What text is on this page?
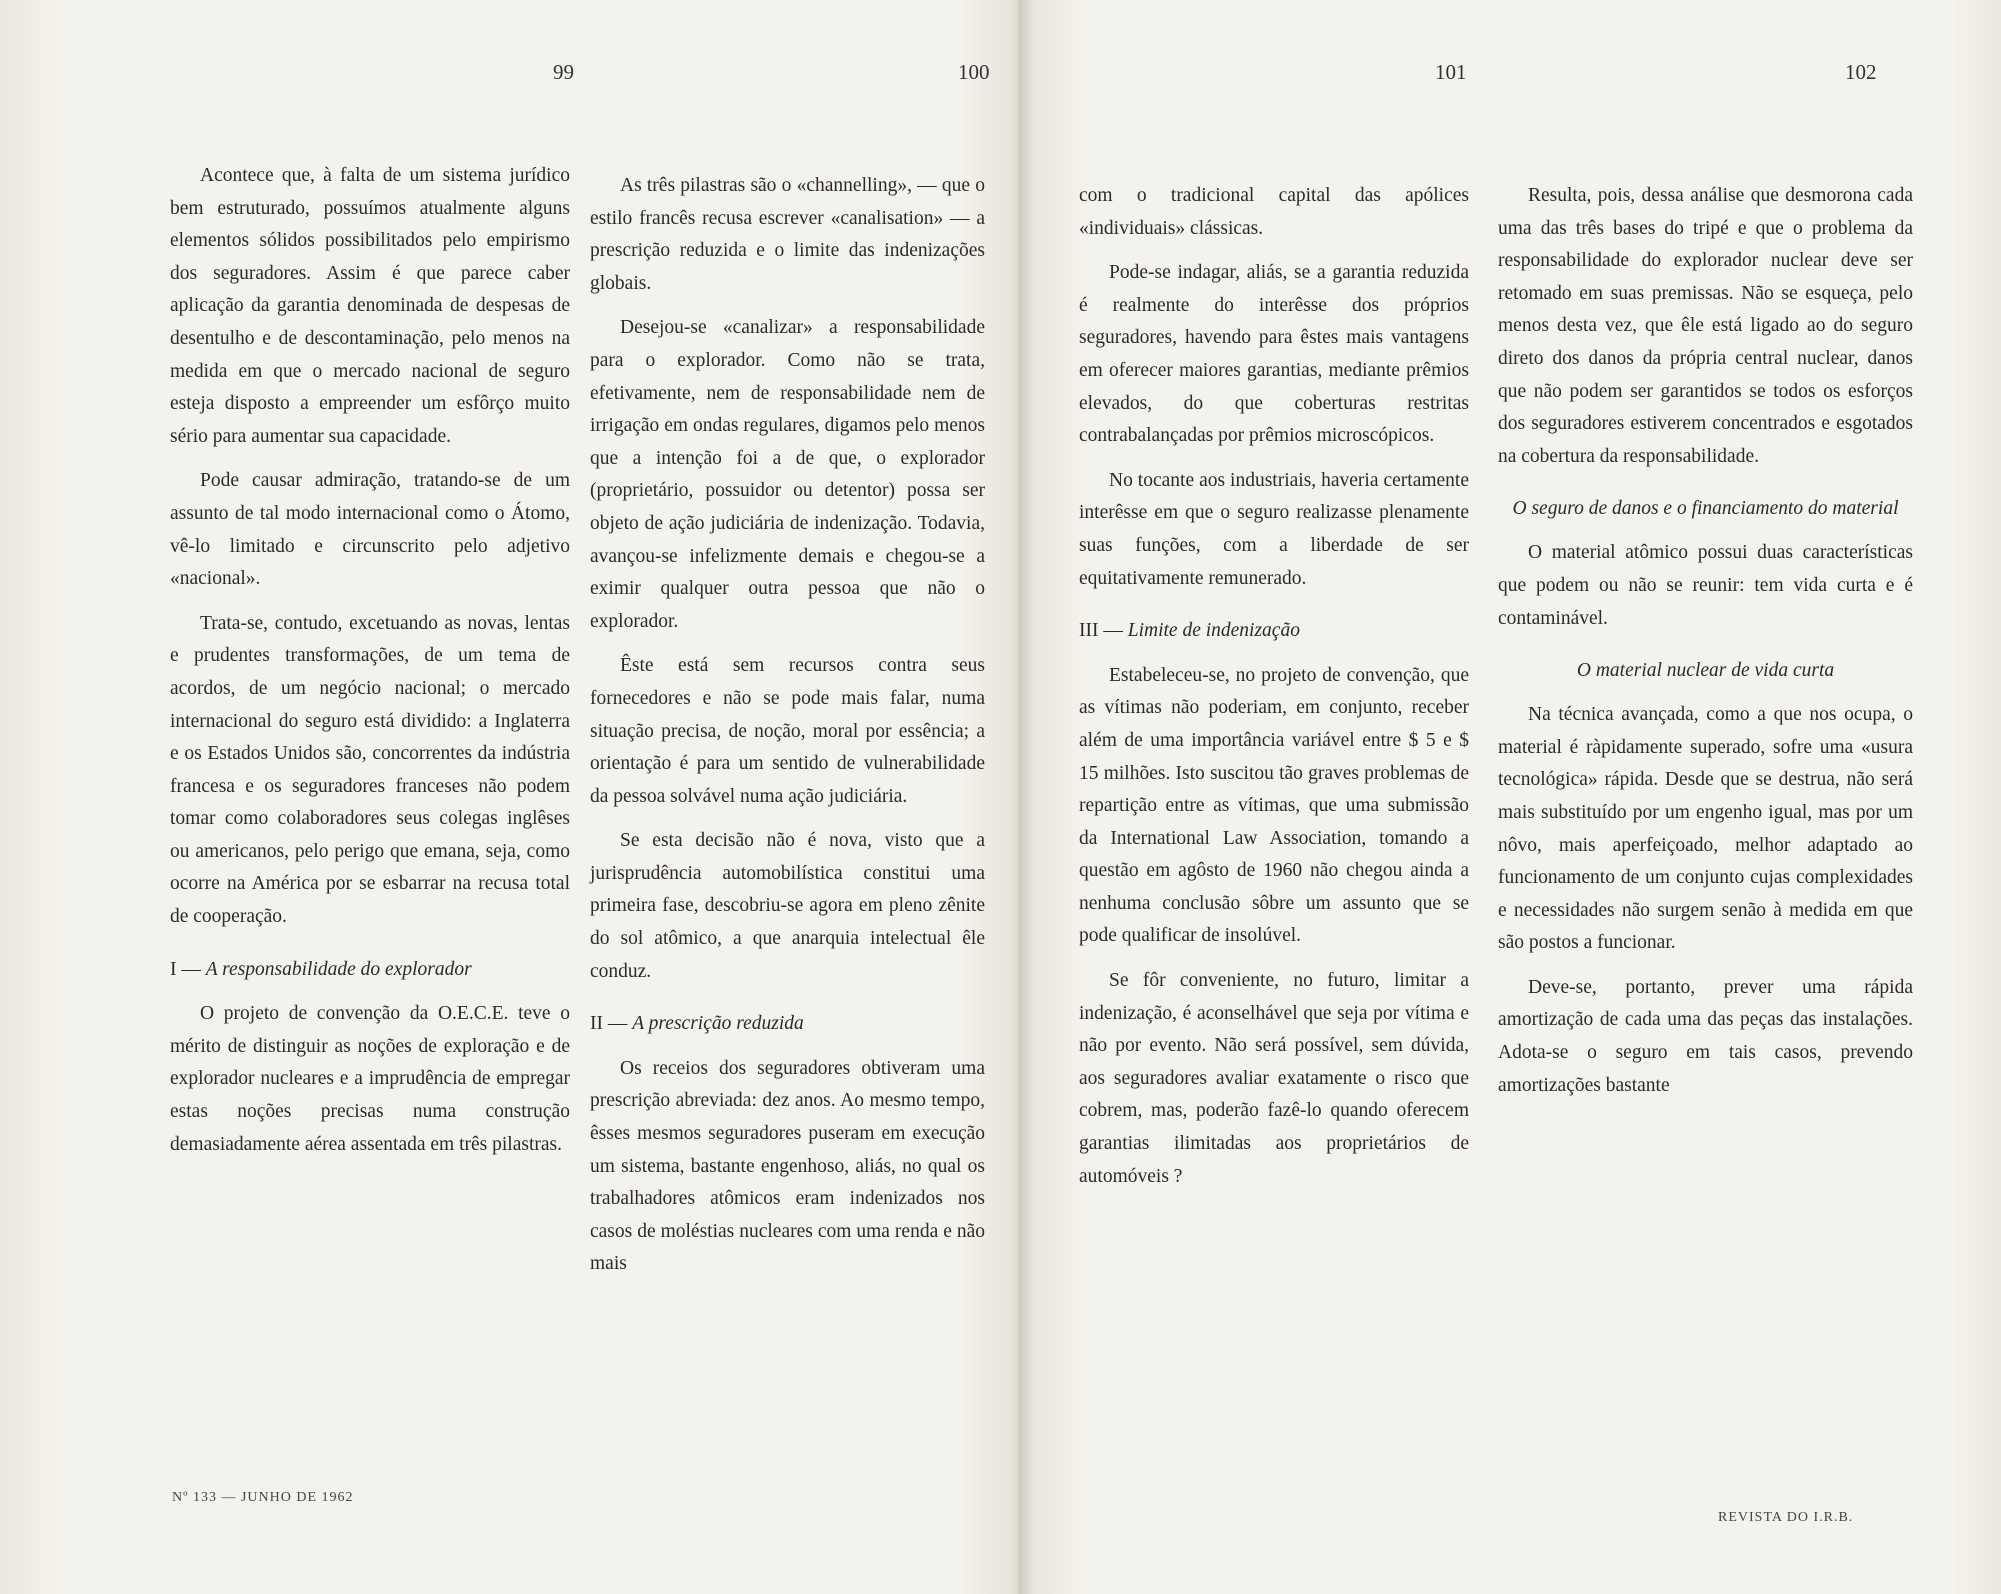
99	100

Acontece que, à falta de um sistema jurídico bem estruturado, possuímos atualmente alguns elementos sólidos possibilitados pelo empirismo dos seguradores. Assim é que parece caber aplicação da garantia denominada de despesas de desentulho e de descontaminação, pelo menos na medida em que o mercado nacional de seguro esteja disposto a empreender um esfôrço muito sério para aumentar sua capacidade.

Pode causar admiração, tratando-se de um assunto de tal modo internacional como o Átomo, vê-lo limitado e circunscrito pelo adjetivo «nacional».

Trata-se, contudo, excetuando as novas, lentas e prudentes transformações, de um tema de acordos, de um negócio nacional; o mercado internacional do seguro está dividido: a Inglaterra e os Estados Unidos são, concorrentes da indústria francesa e os seguradores franceses não podem tomar como colaboradores seus colegas inglêses ou americanos, pelo perigo que emana, seja, como ocorre na América por se esbarrar na recusa total de cooperação.

I — A responsabilidade do explorador

O projeto de convenção da O.E.C.E. teve o mérito de distinguir as noções de exploração e de explorador nucleares e a imprudência de empregar estas noções precisas numa construção demasiadamente aérea assentada em três pilastras.

As três pilastras são o «channelling», — que o estilo francês recusa escrever «canalisation» — a prescrição reduzida e o limite das indenizações globais.

Desejou-se «canalizar» a responsabilidade para o explorador. Como não se trata, efetivamente, nem de responsabilidade nem de irrigação em ondas regulares, digamos pelo menos que a intenção foi a de que, o explorador (proprietário, possuidor ou detentor) possa ser objeto de ação judiciária de indenização. Todavia, avançou-se infelizmente demais e chegou-se a eximir qualquer outra pessoa que não o explorador.

Êste está sem recursos contra seus fornecedores e não se pode mais falar, numa situação precisa, de noção, moral por essência; a orientação é para um sentido de vulnerabilidade da pessoa solvável numa ação judiciária.

Se esta decisão não é nova, visto que a jurisprudência automobilística constitui uma primeira fase, descobriu-se agora em pleno zênite do sol atômico, a que anarquia intelectual êle conduz.

II — A prescrição reduzida

Os receios dos seguradores obtiveram uma prescrição abreviada: dez anos. Ao mesmo tempo, êsses mesmos seguradores puseram em execução um sistema, bastante engenhoso, aliás, no qual os trabalhadores atômicos eram indenizados nos casos de moléstias nucleares com uma renda e não mais

Nº 133 — JUNHO DE 1962
101	102

com o tradicional capital das apólices «individuais» clássicas.

Pode-se indagar, aliás, se a garantia reduzida é realmente do interêsse dos próprios seguradores, havendo para êstes mais vantagens em oferecer maiores garantias, mediante prêmios elevados, do que coberturas restritas contrabalançadas por prêmios microscópicos.

No tocante aos industriais, haveria certamente interêsse em que o seguro realizasse plenamente suas funções, com a liberdade de ser equitativamente remunerado.

III — Limite de indenização

Estabeleceu-se, no projeto de convenção, que as vítimas não poderiam, em conjunto, receber além de uma importância variável entre $ 5 e $ 15 milhões. Isto suscitou tão graves problemas de repartição entre as vítimas, que uma submissão da International Law Association, tomando a questão em agôsto de 1960 não chegou ainda a nenhuma conclusão sôbre um assunto que se pode qualificar de insolúvel.

Se fôr conveniente, no futuro, limitar a indenização, é aconselhável que seja por vítima e não por evento. Não será possível, sem dúvida, aos seguradores avaliar exatamente o risco que cobrem, mas, poderão fazê-lo quando oferecem garantias ilimitadas aos proprietários de automóveis ?

Resulta, pois, dessa análise que desmorona cada uma das três bases do tripé e que o problema da responsabilidade do explorador nuclear deve ser retomado em suas premissas. Não se esqueça, pelo menos desta vez, que êle está ligado ao do seguro direto dos danos da própria central nuclear, danos que não podem ser garantidos se todos os esforços dos seguradores estiverem concentrados e esgotados na cobertura da responsabilidade.

O seguro de danos e o financiamento do material

O material atômico possui duas características que podem ou não se reunir: tem vida curta e é contaminável.

O material nuclear de vida curta

Na técnica avançada, como a que nos ocupa, o material é ràpidamente superado, sofre uma «usura tecnológica» rápida. Desde que se destrua, não será mais substituído por um engenho igual, mas por um nôvo, mais aperfeiçoado, melhor adaptado ao funcionamento de um conjunto cujas complexidades e necessidades não surgem senão à medida em que são postos a funcionar.

Deve-se, portanto, prever uma rápida amortização de cada uma das peças das instalações. Adota-se o seguro em tais casos, prevendo amortizações bastante

REVISTA DO I.R.B.
